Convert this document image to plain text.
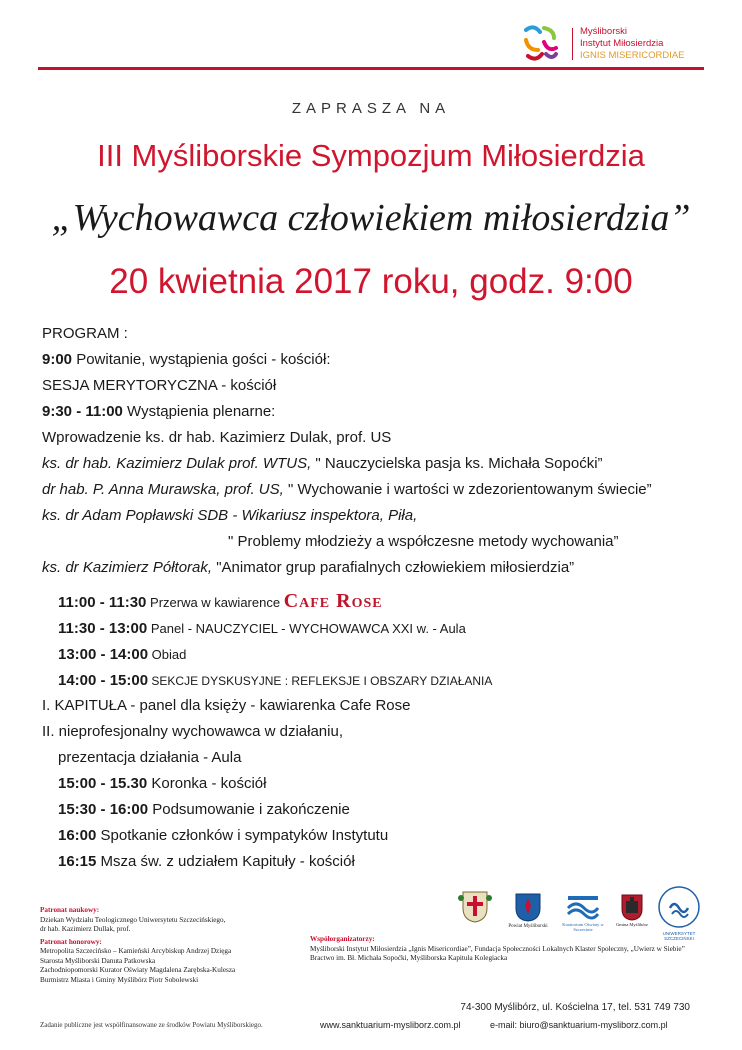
Myśliborski
Instytut Miłosierdzia
IGNIS MISERICORDIAE
ZAPRASZA NA
III Myśliborskie Sympozjum Miłosierdzia
„Wychowawca człowiekiem miłosierdzia”
20 kwietnia 2017 roku, godz. 9:00
PROGRAM :
9:00 Powitanie, wystąpienia gości - kościół:
SESJA MERYTORYCZNA - kościół
9:30 - 11:00 Wystąpienia plenarne:
Wprowadzenie ks. dr hab. Kazimierz Dulak, prof. US
ks. dr hab. Kazimierz Dulak prof. WTUS, " Nauczycielska pasja ks. Michała Sopoćki”
dr hab. P. Anna Murawska, prof. US, " Wychowanie i wartości w zdezorientowanym świecie”
ks. dr Adam Popławski SDB - Wikariusz inspektora, Piła,
" Problemy młodzieży a współczesne metody wychowania”
ks. dr Kazimierz Półtorak, "Animator grup parafialnych człowiekiem miłosierdzia”
11:00 - 11:30 Przerwa w kawiarence Cafe Rose
11:30 - 13:00 Panel - NAUCZYCIEL - WYCHOWAWCA XXI w. - Aula
13:00 - 14:00 Obiad
14:00 - 15:00 SEKCJE DYSKUSYJNE : REFLEKSJE I OBSZARY DZIAŁANIA
I. KAPITUŁA - panel dla księży - kawiarenka Cafe Rose
II. nieprofesjonalny wychowawca w działaniu,
prezentacja działania - Aula
15:00 - 15.30 Koronka - kościół
15:30 - 16:00 Podsumowanie i zakończenie
16:00 Spotkanie członków i sympatyków Instytutu
16:15 Msza św. z udziałem Kapituły - kościół
Patronat naukowy:Dziekan Wydziału Teologicznego Uniwersytetu Szczecińskiego,
dr hab. Kazimierz Dullak, prof.
Patronat honorowy:Metropolita Szczecińsko – Kamieński Arcybiskup Andrzej Dzięga
Starosta Myśliborski Danuta Patkowska
Zachodniopomorski Kurator Oświaty Magdalena Zarębska-Kulesza
Burmistrz Miasta i Gminy Myślibórz Piotr Sobolewski
Powiat Myśliborski	Kuratorium Oświaty w Szczecinie
Gmina Myślibórz
UNIWERSYTET SZCZECIŃSKI
Współorganizatorzy:
Myśliborski Instytut Miłosierdzia „Ignis Misericordiae”, Fundacja Społeczności Lokalnych Klaster Społeczny, „Uwierz w Siebie”
Bractwo im. Bł. Michała Sopoćki, Myśliborska Kapituła Kolegiacka
74-300 Myślibórz, ul. Kościelna 17, tel. 531 749 730
www.sanktuarium-mysliborz.com.pl	e-mail: biuro@sanktuarium-mysliborz.com.pl
Zadanie publiczne jest współfinansowane ze środków Powiatu Myśliborskiego.
